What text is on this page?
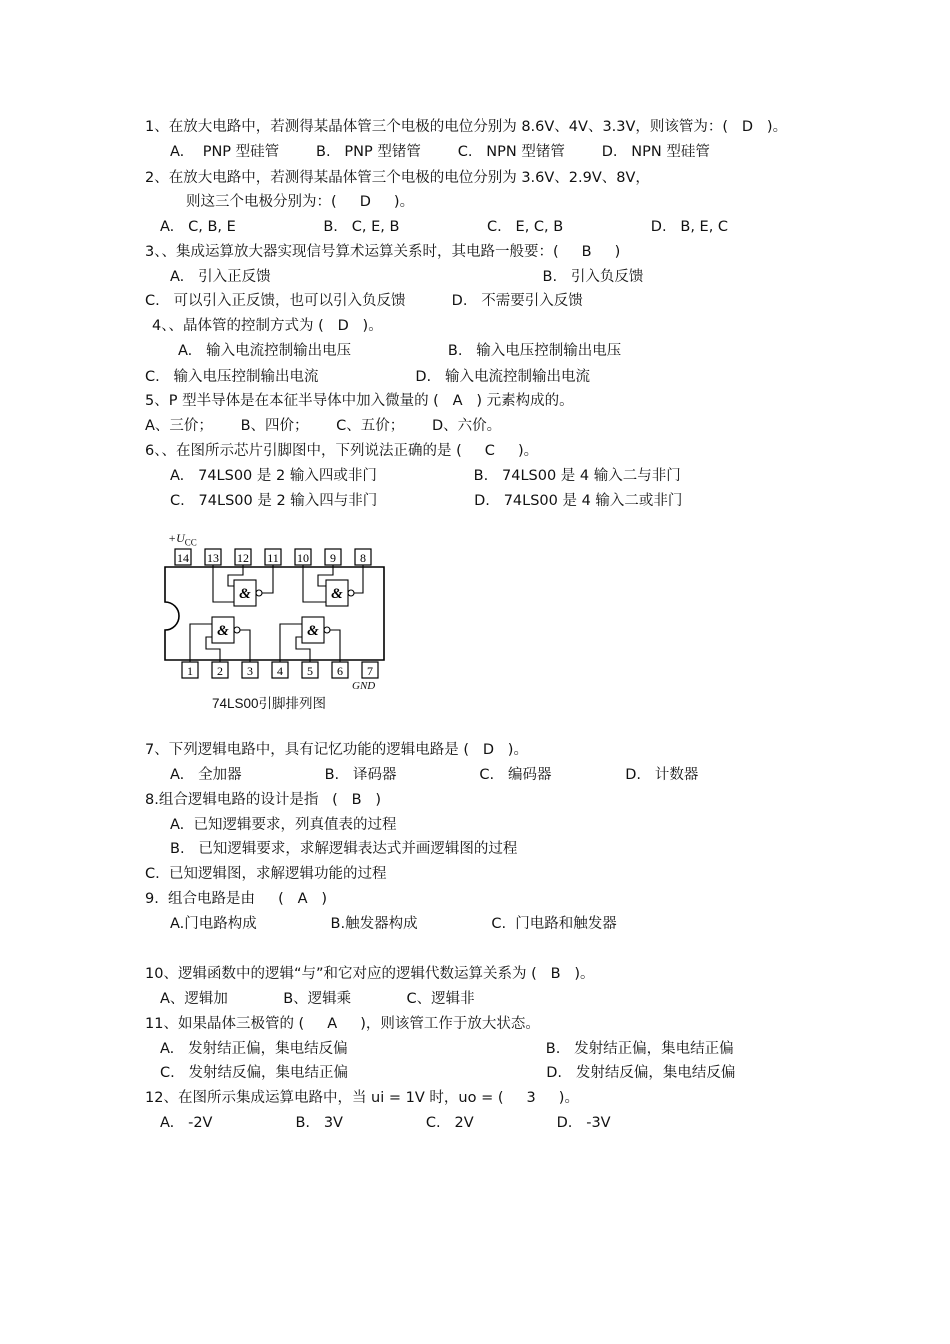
1、在放大电路中，若测得某晶体管三个电极的电位分别为 8.6V、4V、3.3V，则该管为：(   D   )。
A.    PNP 型硅管        B.   PNP 型锗管        C.   NPN 型锗管        D.   NPN 型硅管
2、在放大电路中，若测得某晶体管三个电极的电位分别为 3.6V、2.9V、8V，
则这三个电极分别为：(     D     )。
A.   C, B, E                   B.   C, E, B                   C.   E, C, B                   D.   B, E, C
3、、集成运算放大器实现信号算术运算关系时，其电路一般要：(     B     )
A.   引入正反馈                                                           B.   引入负反馈
C.   可以引入正反馈，也可以引入负反馈          D.   不需要引入反馈
4、、晶体管的控制方式为 (   D   )。
A.   输入电流控制输出电压                     B.   输入电压控制输出电压
C.   输入电压控制输出电流                     D.   输入电流控制输出电流
5、P 型半导体是在本征半导体中加入微量的 (   A   ) 元素构成的。
A、三价；      B、四价；      C、五价；      D、六价。
6、、在图所示芯片引脚图中，下列说法正确的是 (     C     )。
A.   74LS00 是 2 输入四或非门                     B.   74LS00 是 4 输入二与非门
C.   74LS00 是 2 输入四与非门                     D.   74LS00 是 4 输入二或非门
14 13 12 11 10 9 8
1 2 3 4 5 6 7
&	&
&	&
$+U_{CC}$
GND
74LS00引脚排列图
7、下列逻辑电路中，具有记忆功能的逻辑电路是 (   D   )。
A.   全加器                  B.   译码器                  C.   编码器                D.   计数器
8.组合逻辑电路的设计是指   (   B   )
A.  已知逻辑要求，列真值表的过程
B.   已知逻辑要求，求解逻辑表达式并画逻辑图的过程
C.  已知逻辑图，求解逻辑功能的过程
9.  组合电路是由     (   A   )
A.门电路构成                B.触发器构成                C.  门电路和触发器
10、逻辑函数中的逻辑“与”和它对应的逻辑代数运算关系为 (   B   )。
A、逻辑加            B、逻辑乘            C、逻辑非
11、如果晶体三极管的 (     A     )，则该管工作于放大状态。
A.   发射结正偏，集电结反偏                                           B.   发射结正偏，集电结正偏
C.   发射结反偏，集电结正偏                                           D.   发射结反偏，集电结反偏
12、在图所示集成运算电路中，当 ui = 1V 时，uo = (     3     )。
A.   -2V                  B.   3V                  C.   2V                  D.   -3V
